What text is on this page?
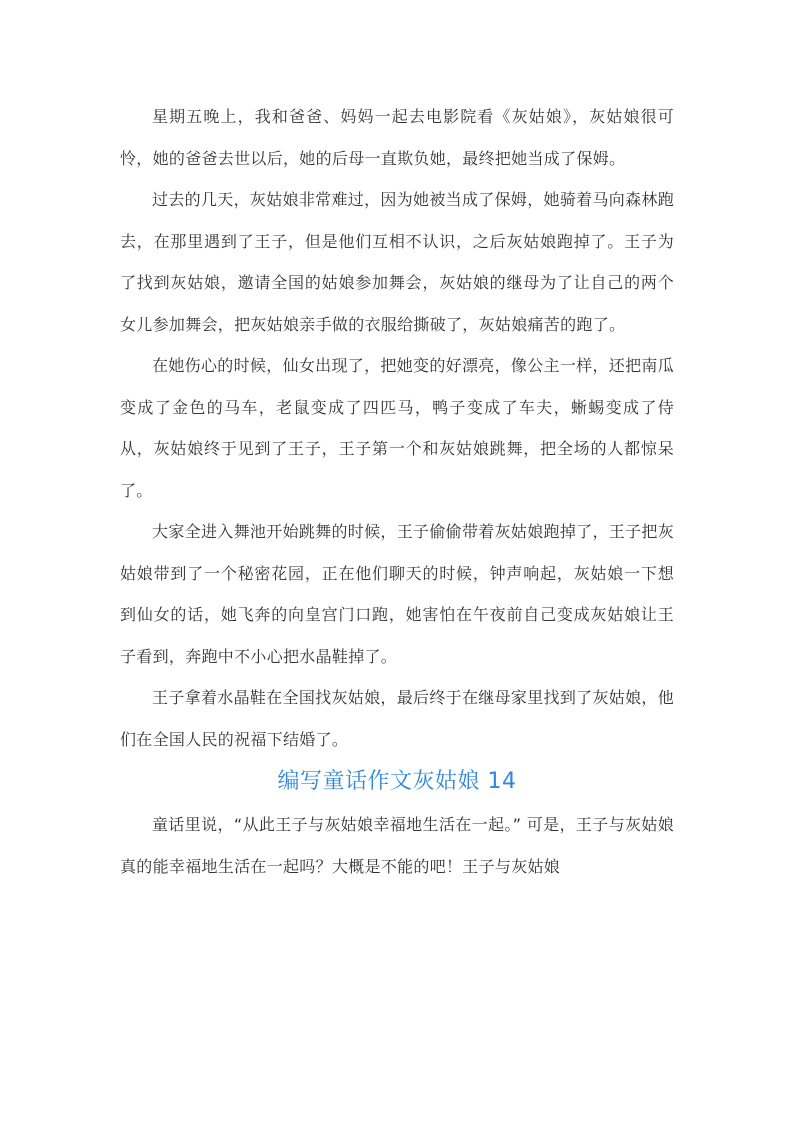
星期五晚上，我和爸爸、妈妈一起去电影院看《灰姑娘》，灰姑娘很可怜，她的爸爸去世以后，她的后母一直欺负她，最终把她当成了保姆。

过去的几天，灰姑娘非常难过，因为她被当成了保姆，她骑着马向森林跑去，在那里遇到了王子，但是他们互相不认识，之后灰姑娘跑掉了。王子为了找到灰姑娘，邀请全国的姑娘参加舞会，灰姑娘的继母为了让自己的两个女儿参加舞会，把灰姑娘亲手做的衣服给撕破了，灰姑娘痛苦的跑了。

在她伤心的时候，仙女出现了，把她变的好漂亮，像公主一样，还把南瓜变成了金色的马车，老鼠变成了四匹马，鸭子变成了车夫，蜥蜴变成了侍从，灰姑娘终于见到了王子，王子第一个和灰姑娘跳舞，把全场的人都惊呆了。

大家全进入舞池开始跳舞的时候，王子偷偷带着灰姑娘跑掉了，王子把灰姑娘带到了一个秘密花园，正在他们聊天的时候，钟声响起，灰姑娘一下想到仙女的话，她飞奔的向皇宫门口跑，她害怕在午夜前自己变成灰姑娘让王子看到，奔跑中不小心把水晶鞋掉了。

王子拿着水晶鞋在全国找灰姑娘，最后终于在继母家里找到了灰姑娘，他们在全国人民的祝福下结婚了。

编写童话作文灰姑娘 14

童话里说，“从此王子与灰姑娘幸福地生活在一起。” 可是，王子与灰姑娘真的能幸福地生活在一起吗？大概是不能的吧！王子与灰姑娘
